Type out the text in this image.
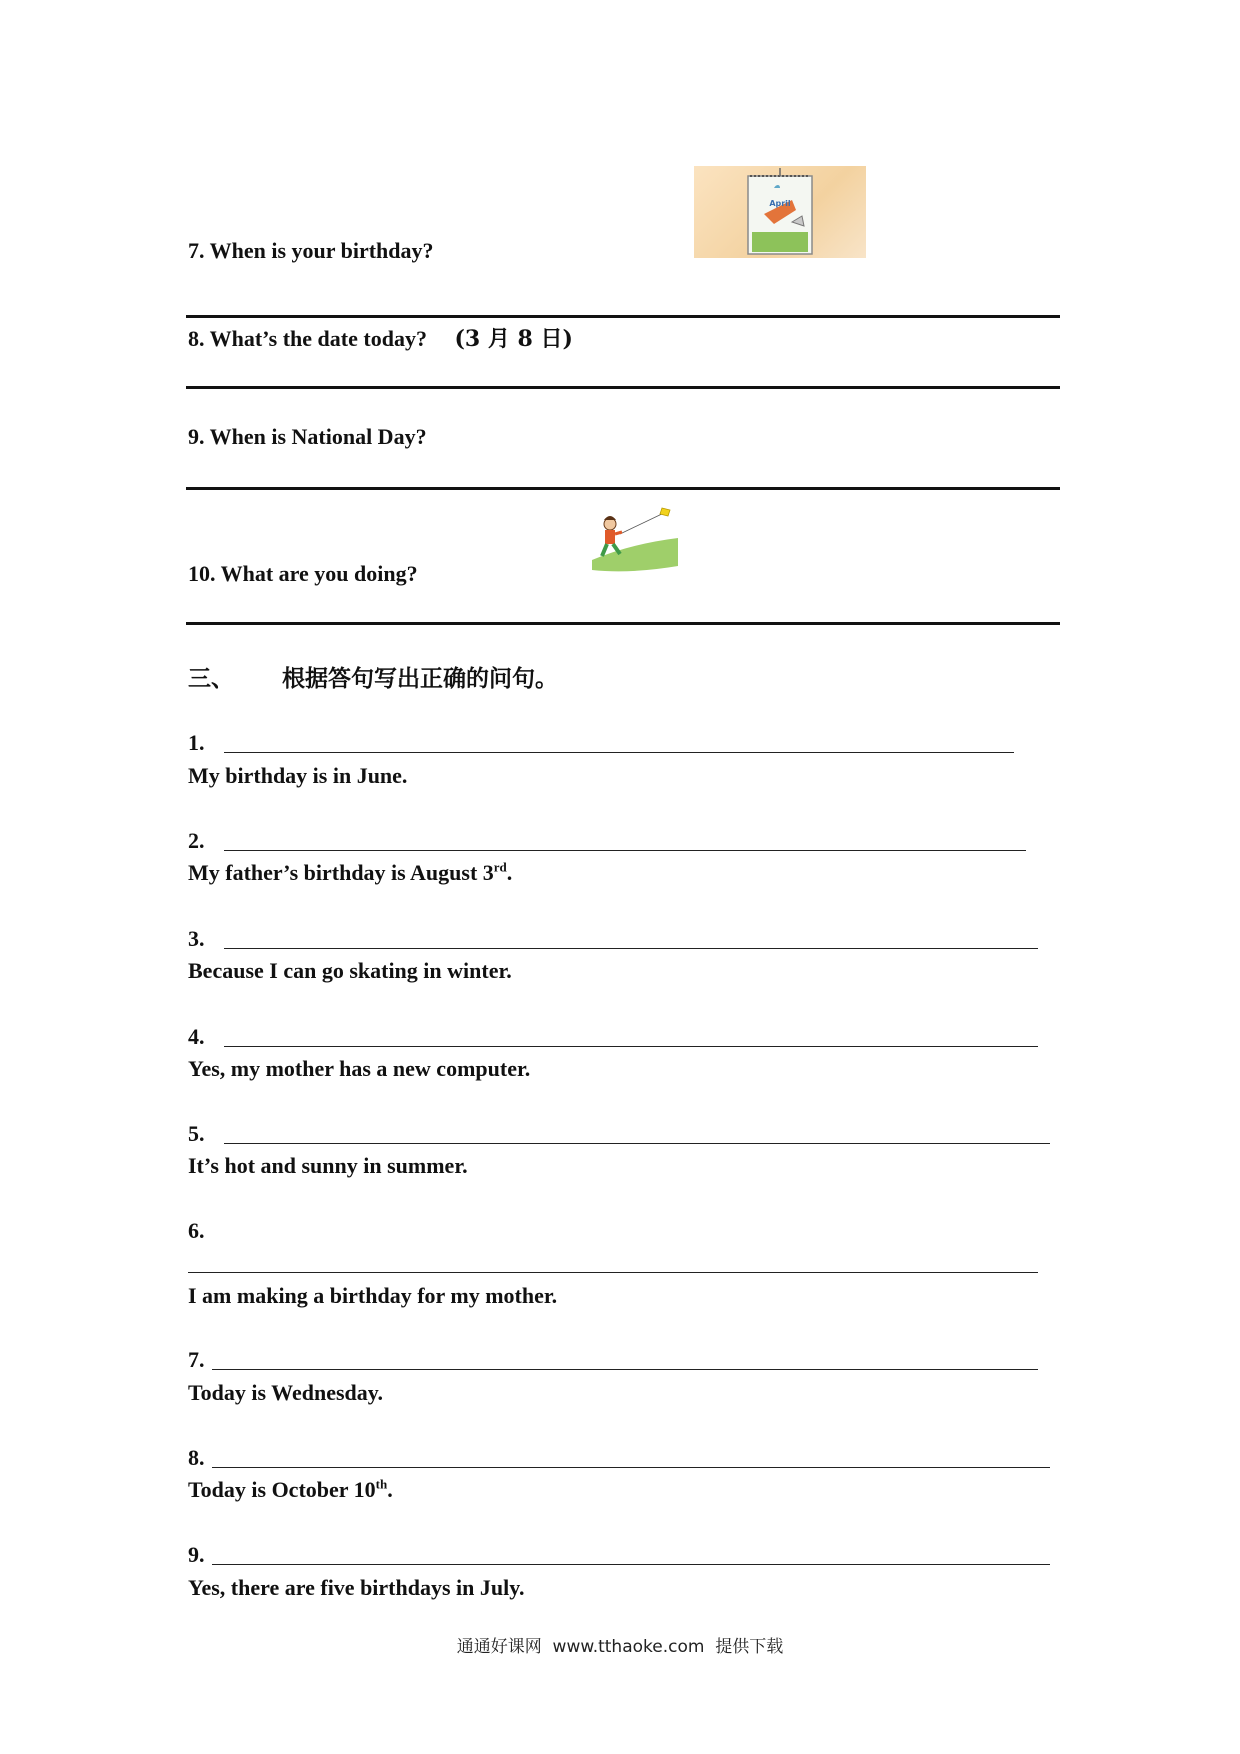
7. When is your birthday?
April
8. What’s the date today? (3 月 8 日)
9. When is National Day?
10. What are you doing?
三、 根据答句写出正确的问句。
1.
My birthday is in June.
2.
My father’s birthday is August 3rd.
3.
Because I can go skating in winter.
4.
Yes, my mother has a new computer.
5.
It’s hot and sunny in summer.
6.
I am making a birthday for my mother.
7.
Today is Wednesday.
8.
Today is October 10th.
9.
Yes, there are five birthdays in July.
通通好课网  www.tthaoke.com  提供下载
